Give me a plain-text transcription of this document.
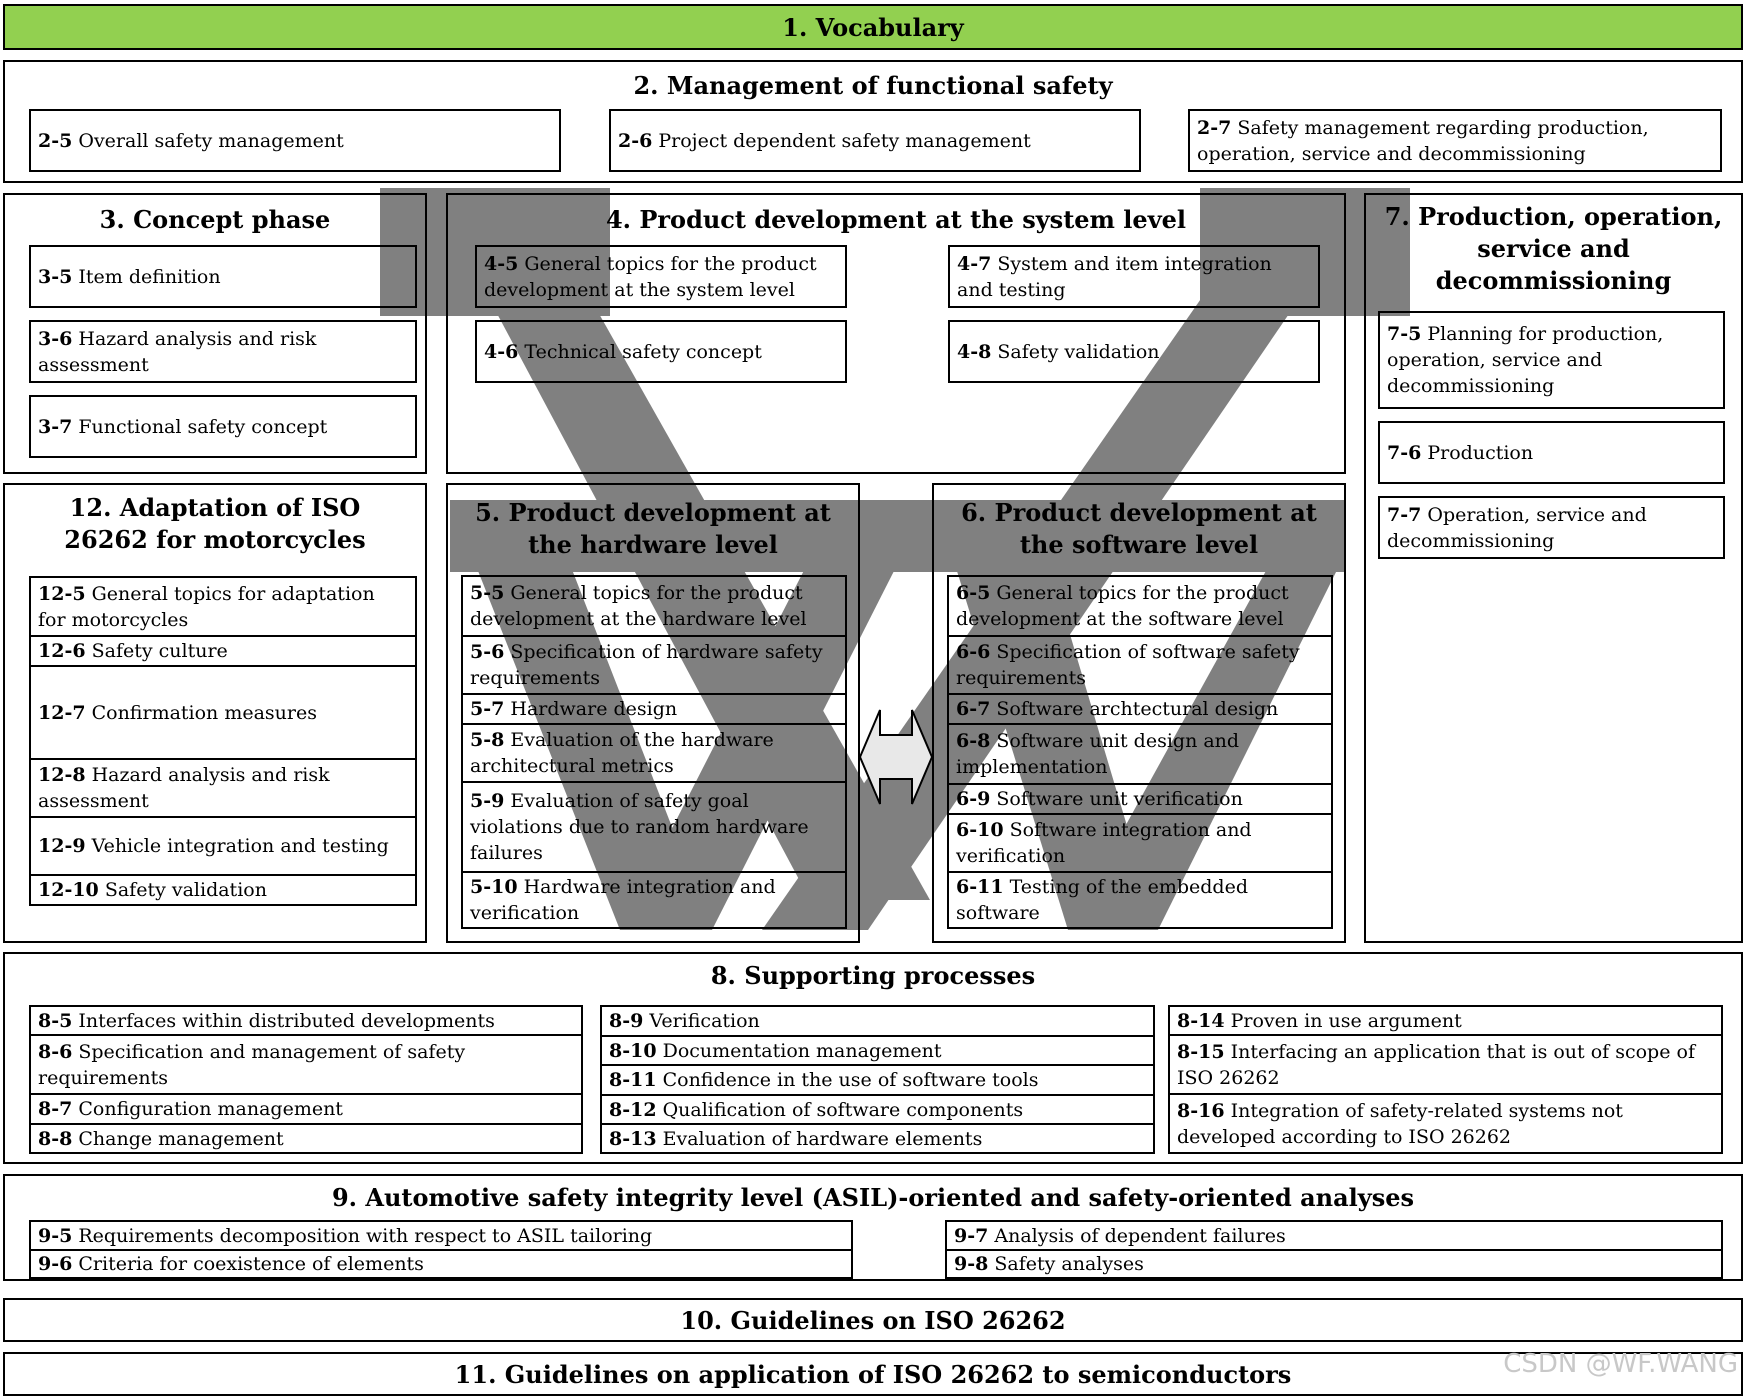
1. Vocabulary
2. Management of functional safety
2-5 Overall safety management	2-6 Project dependent safety management
2-7 Safety management regarding production, operation, service and decommissioning
3. Concept phase
3-5 Item definition
3-6 Hazard analysis and risk assessment
3-7 Functional safety concept
4. Product development at the system level
4-5 General topics for the product development at the system level
4-6 Technical safety concept
4-7 System and item integration and testing
4-8 Safety validation
7. Production, operation, service and decommissioning
7-5 Planning for production, operation, service and decommissioning
7-6 Production
7-7 Operation, service and decommissioning
12. Adaptation of ISO 26262 for motorcycles
12-5 General topics for adaptation for motorcycles
12-6 Safety culture
12-7 Confirmation measures
12-8 Hazard analysis and risk assessment
12-9 Vehicle integration and testing
12-10 Safety validation
5. Product development at the hardware level
5-5 General topics for the product development at the hardware level
5-6 Specification of hardware safety requirements
5-7 Hardware design
5-8 Evaluation of the hardware architectural metrics
5-9 Evaluation of safety goal violations due to random hardware failures
5-10 Hardware integration and verification
6. Product development at the software level
6-5 General topics for the product development at the software level
6-6 Specification of software safety requirements
6-7 Software archtectural design
6-8 Software unit design and implementation
6-9 Software unit verification
6-10 Software integration and verification
6-11 Testing of the embedded software
8. Supporting processes
8-5 Interfaces within distributed developments
8-6 Specification and management of safety requirements
8-7 Configuration management
8-8 Change management
8-9 Verification
8-10 Documentation management
8-11 Confidence in the use of software tools
8-12 Qualification of software components
8-13 Evaluation of hardware elements
8-14 Proven in use argument
8-15 Interfacing an application that is out of scope of ISO 26262
8-16 Integration of safety-related systems not developed according to ISO 26262
9. Automotive safety integrity level (ASIL)-oriented and safety-oriented analyses
9-5 Requirements decomposition with respect to ASIL tailoring
9-6 Criteria for coexistence of elements
9-7 Analysis of dependent failures
9-8 Safety analyses
10. Guidelines on ISO 26262
11. Guidelines on application of ISO 26262 to semiconductors	CSDN @WF.WANG
